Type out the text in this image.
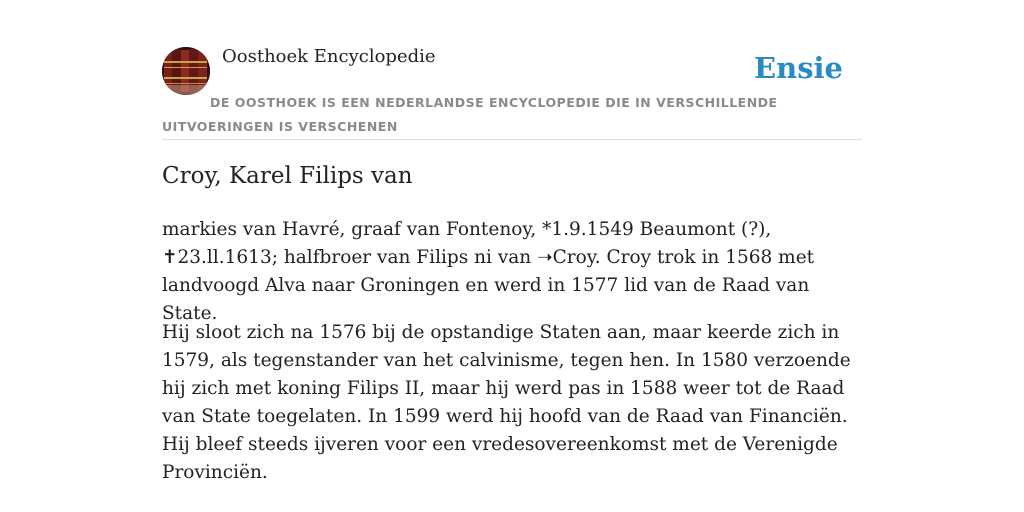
Oosthoek Encyclopedie	Ensie
DE OOSTHOEK IS EEN NEDERLANDSE ENCYCLOPEDIE DIE IN VERSCHILLENDE UITVOERINGEN IS VERSCHENEN
Croy, Karel Filips van

markies van Havré, graaf van Fontenoy, *1.9.1549 Beaumont (?), ✝23.ll.1613; halfbroer van Filips ni van ➝Croy. Croy trok in 1568 met landvoogd Alva naar Groningen en werd in 1577 lid van de Raad van State.

Hij sloot zich na 1576 bij de opstandige Staten aan, maar keerde zich in 1579, als tegenstander van het calvinisme, tegen hen. In 1580 verzoende hij zich met koning Filips II, maar hij werd pas in 1588 weer tot de Raad van State toegelaten. In 1599 werd hij hoofd van de Raad van Financiën. Hij bleef steeds ijveren voor een vredesovereenkomst met de Verenigde Provinciën.
